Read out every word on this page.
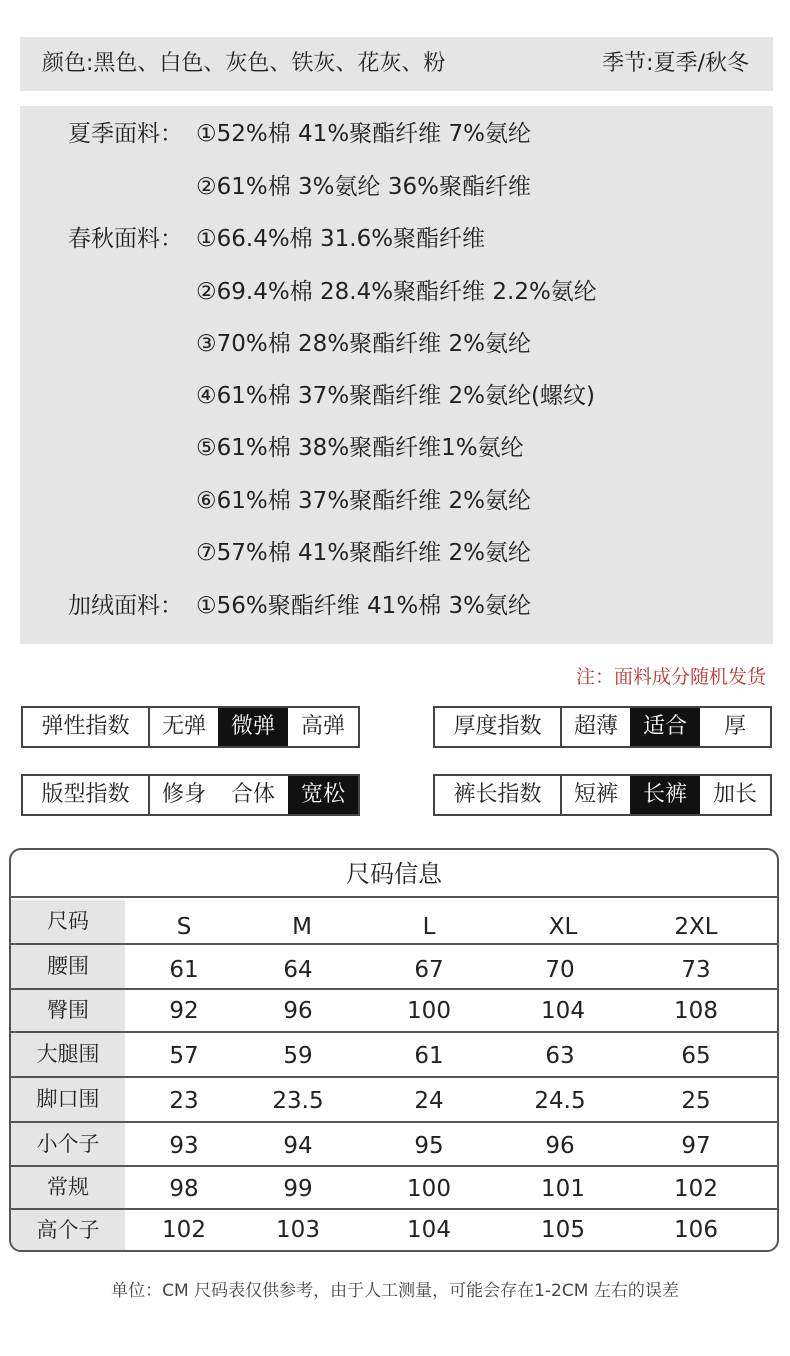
颜色:黑色、白色、灰色、铁灰、花灰、粉	季节:夏季/秋冬
夏季面料： ①52%棉 41%聚酯纤维 7%氨纶
②61%棉 3%氨纶 36%聚酯纤维
春秋面料： ①66.4%棉 31.6%聚酯纤维
②69.4%棉 28.4%聚酯纤维 2.2%氨纶
③70%棉 28%聚酯纤维 2%氨纶
④61%棉 37%聚酯纤维 2%氨纶(螺纹)
⑤61%棉 38%聚酯纤维1%氨纶
⑥61%棉 37%聚酯纤维 2%氨纶
⑦57%棉 41%聚酯纤维 2%氨纶
加绒面料： ①56%聚酯纤维 41%棉 3%氨纶
注：面料成分随机发货
弹性指数	无弹	微弹	高弹	厚度指数	超薄	适合	厚
版型指数	修身	合体	宽松	裤长指数	短裤	长裤	加长
尺码信息
尺码	S	M	L	XL	2XL
腰围	61	64	67	70	73
臀围	92	96	100	104	108
大腿围	57	59	61	63	65
脚口围	23	23.5	24	24.5	25
小个子	93	94	95	96	97
常规	98	99	100	101	102
高个子	102	103	104	105	106
单位：CM 尺码表仅供参考，由于人工测量，可能会存在1-2CM 左右的误差
